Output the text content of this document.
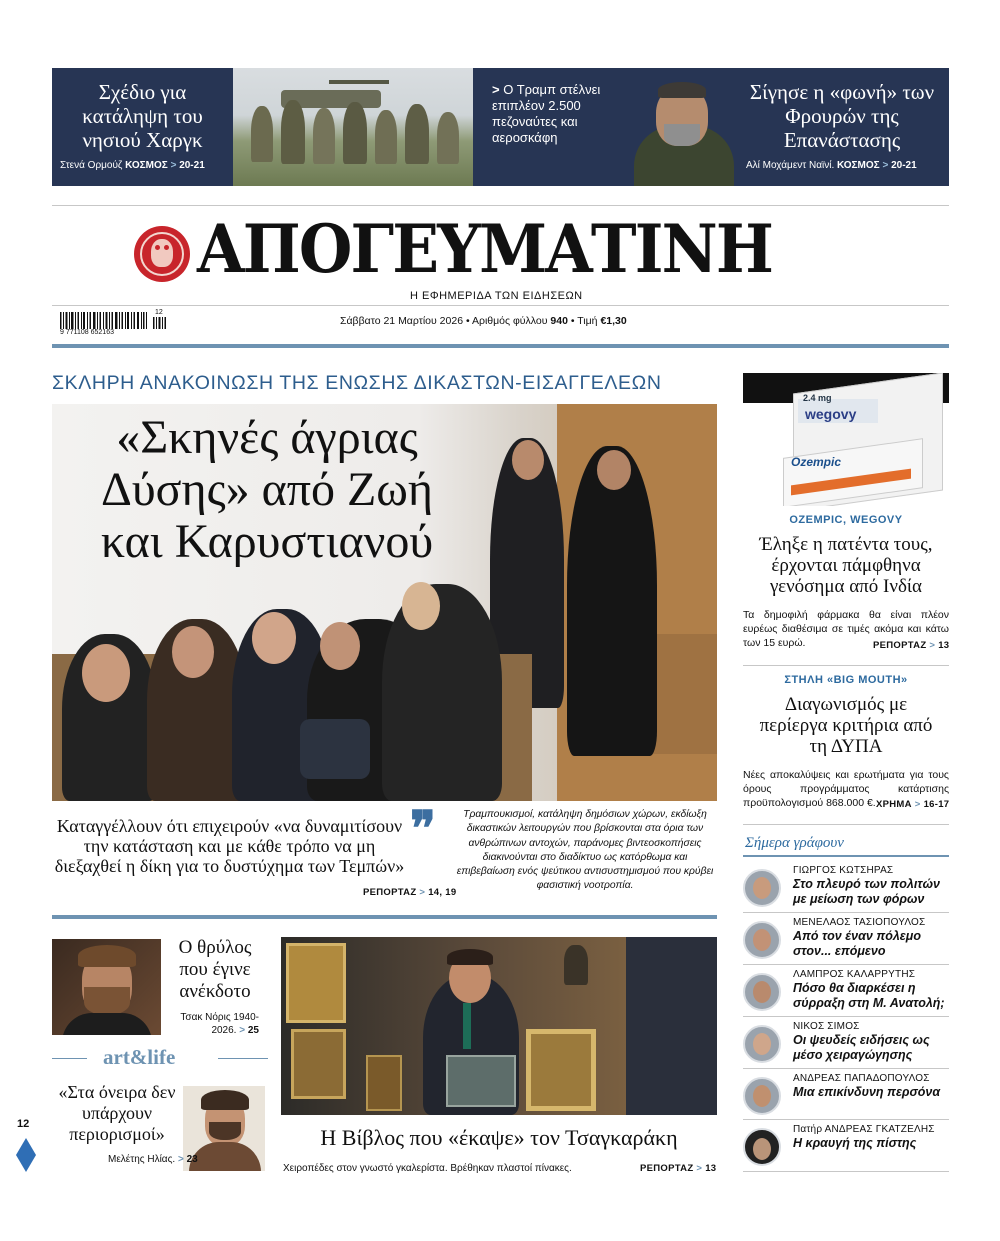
Σχέδιο για κατάληψη του νησιού Χαργκ
Στενά Ορμούζ ΚΟΣΜΟΣ > 20-21
> Ο Τραμπ στέλνει επιπλέον 2.500 πεζοναύτες και αεροσκάφη
Σίγησε η «φωνή» των Φρουρών της Επανάστασης
Αλί Μοχάμεντ Ναϊνί. ΚΟΣΜΟΣ > 20-21
ΑΠΟΓΕΥΜΑΤΙΝΗ
Η ΕΦΗΜΕΡΙΔΑ ΤΩΝ ΕΙΔΗΣΕΩΝ
9 771108 652163
12
Σάββατο 21 Μαρτίου 2026 • Αριθμός φύλλου 940 • Τιμή €1,30
ΣΚΛΗΡΗ ΑΝΑΚΟΙΝΩΣΗ ΤΗΣ ΕΝΩΣΗΣ ΔΙΚΑΣΤΩΝ-ΕΙΣΑΓΓΕΛΕΩΝ
«Σκηνές άγριας
Δύσης» από Ζωή
και Καρυστιανού
Καταγγέλλουν ότι επιχειρούν «να δυναμιτίσουν την κατάσταση και με κάθε τρόπο να μη διεξαχθεί η δίκη για το δυστύχημα των Τεμπών»
ΡΕΠΟΡΤΑΖ > 14, 19
❞	Τραμπουκισμοί, κατάληψη δημόσιων χώρων, εκδίωξη δικαστικών λειτουργών που βρίσκονται στα όρια των ανθρώπινων αντοχών, παράνομες βιντεοσκοπήσεις διακινούνται στο διαδίκτυο ως κατόρθωμα και επιβεβαίωση ενός ψεύτικου αντισυστημισμού που κρύβει φασιστική νοοτροπία.
2.4 mg
wegovy
Ozempic
OZEMPIC, WEGOVY
Έληξε η πατέντα τους, έρχονται πάμφθηνα γενόσημα από Ινδία
Τα δημοφιλή φάρμακα θα είναι πλέον ευρέως διαθέσιμα σε τιμές ακόμα και κάτω των 15 ευρώ.	ΡΕΠΟΡΤΑΖ > 13
ΣΤΗΛΗ «BIG MOUTH»
Διαγωνισμός με περίεργα κριτήρια από τη ΔΥΠΑ
Νέες αποκαλύψεις και ερωτήματα για τους όρους προγράμματος κατάρτισης προϋπολογισμού 868.000 €. ΧΡΗΜΑ > 16-17
Σήμερα γράφουν
ΓΙΩΡΓΟΣ ΚΩΤΣΗΡΑΣ
Στο πλευρό των πολιτών με μείωση των φόρων
ΜΕΝΕΛΑΟΣ ΤΑΣΙΟΠΟΥΛΟΣ
Από τον έναν πόλεμο στον... επόμενο
ΛΑΜΠΡΟΣ ΚΑΛΑΡΡΥΤΗΣ
Πόσο θα διαρκέσει η σύρραξη στη Μ. Ανατολή;
ΝΙΚΟΣ ΣΙΜΟΣ
Οι ψευδείς ειδήσεις ως μέσο χειραγώγησης
ΑΝΔΡΕΑΣ ΠΑΠΑΔΟΠΟΥΛΟΣ
Μια επικίνδυνη περσόνα
Πατήρ ΑΝΔΡΕΑΣ ΓΚΑΤΖΕΛΗΣ
Η κραυγή της πίστης
Ο θρύλος που έγινε ανέκδοτο
Τσακ Νόρις 1940-2026. > 25
art&life
«Στα όνειρα δεν υπάρχουν περιορισμοί»
Μελέτης Ηλίας. > 23
12
Η Βίβλος που «έκαψε» τον Τσαγκαράκη
Χειροπέδες στον γνωστό γκαλερίστα. Βρέθηκαν πλαστοί πίνακες.	ΡΕΠΟΡΤΑΖ > 13
